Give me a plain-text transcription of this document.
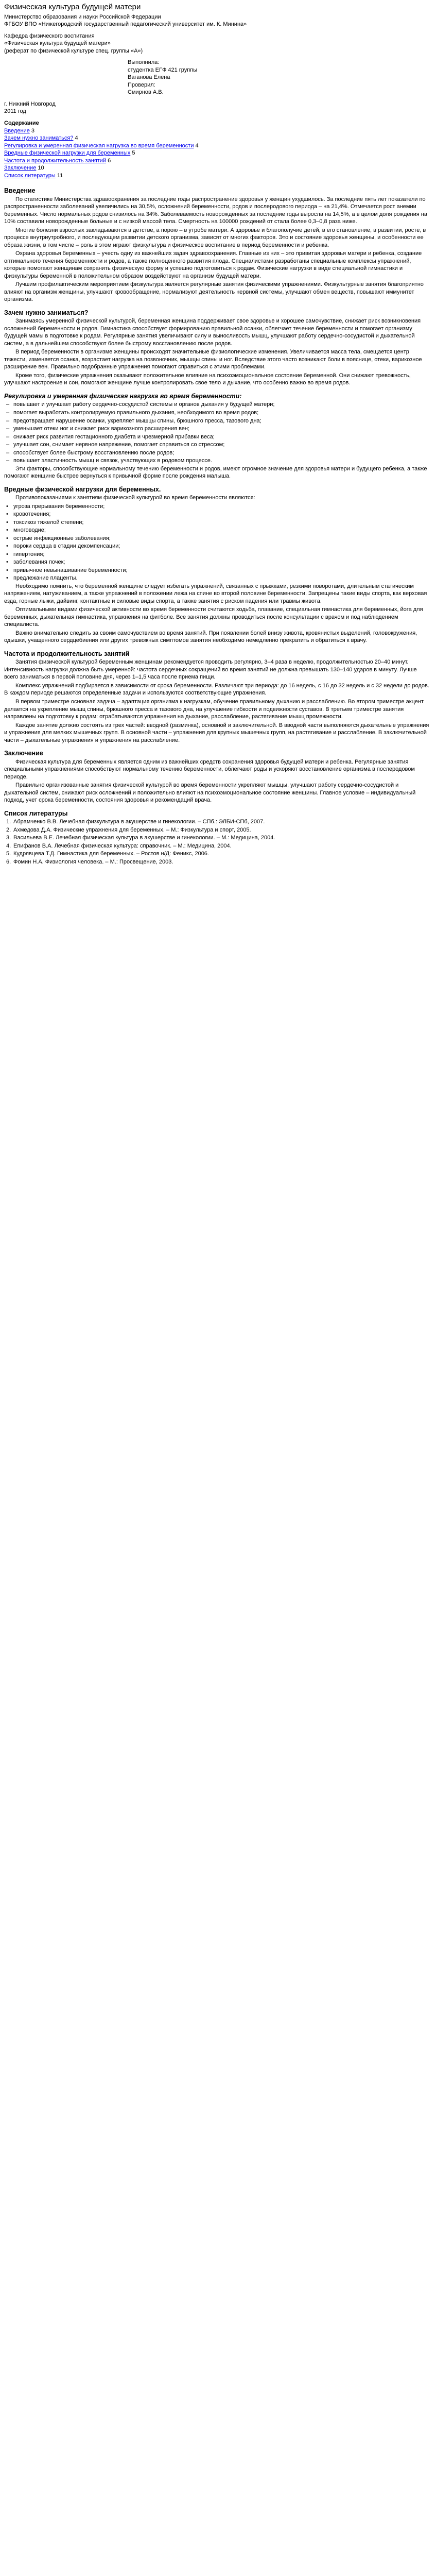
Физическая культура будущей матери

Министерство образования и науки Российской Федерации

ФГБОУ ВПО «Нижегородский государственный педагогический университет им. К. Минина»

Кафедра физического воспитания

«Физическая культура будущей матери»

(реферат по физической культуре спец. группы «А»)

Выполнила:

студентка ЕГФ 421 группы

Ваганова Елена

Проверил:

Смирнов А.В.

г. Нижний Новгород

2011 год

Содержание

Введение 3

Зачем нужно заниматься? 4

Регулировка и умеренная физическая нагрузка во время беременности 4

Вредные физической нагрузки для беременных 5

Частота и продолжительность занятий 6

Заключение 10

Список литературы 11

Введение

По статистике Министерства здравоохранения за последние годы распространение здоровья у женщин ухудшилось. За последние пять лет показатели по распространенности заболеваний увеличились на 30,5%, осложнений беременности, родов и послеродового периода – на 21,4%. Отмечается рост анемии беременных. Число нормальных родов снизилось на 34%. Заболеваемость новорожденных за последние годы выросла на 14,5%, а в целом доля рождения на 10% составили новорожденные больные и с низкой массой тела. Смертность на 100000 рождений от стала более 0,3–0,8 раза ниже.

Многие болезни взрослых закладываются в детстве, а порою – в утробе матери. А здоровье и благополучие детей, в его становление, в развитии, росте, в процессе внутриутробного, и последующем развитии детского организма, зависят от многих факторов. Это и состояние здоровья женщины, и особенности ее образа жизни, в том числе – роль в этом играют физкультура и физическое воспитание в период беременности и ребенка.

Охрана здоровья беременных – учесть одну из важнейших задач здравоохранения. Главные из них – это привитая здоровья матери и ребенка, создание оптимального течения беременности и родов, а также полноценного развития плода. Специалистами разработаны специальные комплексы упражнений, которые помогают женщинам сохранить физическую форму и успешно подготовиться к родам. Физические нагрузки в виде специальной гимнастики и физкультуры беременной в положительном образом воздействуют на организм будущей матери.

Лучшим профилактическим мероприятием физкультура является регулярные занятия физическими упражнениями. Физкультурные занятия благоприятно влияют на организм женщины, улучшают кровообращение, нормализуют деятельность нервной системы, улучшают обмен веществ, повышают иммунитет организма.

Зачем нужно заниматься?

Занимаясь умеренной физической культурой, беременная женщина поддерживает свое здоровье и хорошее самочувствие, снижает риск возникновения осложнений беременности и родов. Гимнастика способствует формированию правильной осанки, облегчает течение беременности и помогает организму будущей мамы в подготовке к родам. Регулярные занятия увеличивают силу и выносливость мышц, улучшают работу сердечно-сосудистой и дыхательной систем, а в дальнейшем способствуют более быстрому восстановлению после родов.

В период беременности в организме женщины происходят значительные физиологические изменения. Увеличивается масса тела, смещается центр тяжести, изменяется осанка, возрастает нагрузка на позвоночник, мышцы спины и ног. Вследствие этого часто возникают боли в пояснице, отеки, варикозное расширение вен. Правильно подобранные упражнения помогают справиться с этими проблемами.

Кроме того, физические упражнения оказывают положительное влияние на психоэмоциональное состояние беременной. Они снижают тревожность, улучшают настроение и сон, помогают женщине лучше контролировать свое тело и дыхание, что особенно важно во время родов.

Регулировка и умеренная физическая нагрузка во время беременности:

– повышает и улучшает работу сердечно-сосудистой системы и органов дыхания у будущей матери;

– помогает выработать контролируемую правильного дыхания, необходимого во время родов;

– предотвращает нарушение осанки, укрепляет мышцы спины, брюшного пресса, тазового дна;

– уменьшает отеки ног и снижает риск варикозного расширения вен;

– снижает риск развития гестационного диабета и чрезмерной прибавки веса;

– улучшает сон, снимает нервное напряжение, помогает справиться со стрессом;

– способствует более быстрому восстановлению после родов;

– повышает эластичность мышц и связок, участвующих в родовом процессе.

Эти факторы, способствующие нормальному течению беременности и родов, имеют огромное значение для здоровья матери и будущего ребенка, а также помогают женщине быстрее вернуться к привычной форме после рождения малыша.

Вредные физической нагрузки для беременных.

Противопоказаниями к занятиям физической культурой во время беременности являются:

• угроза прерывания беременности;

• кровотечения;

• токсикоз тяжелой степени;

• многоводие;

• острые инфекционные заболевания;

• пороки сердца в стадии декомпенсации;

• гипертония;

• заболевания почек;

• привычное невынашивание беременности;

• предлежание плаценты.

Необходимо помнить, что беременной женщине следует избегать упражнений, связанных с прыжками, резкими поворотами, длительным статическим напряжением, натуживанием, а также упражнений в положении лежа на спине во второй половине беременности. Запрещены такие виды спорта, как верховая езда, горные лыжи, дайвинг, контактные и силовые виды спорта, а также занятия с риском падения или травмы живота.

Оптимальными видами физической активности во время беременности считаются ходьба, плавание, специальная гимнастика для беременных, йога для беременных, дыхательная гимнастика, упражнения на фитболе. Все занятия должны проводиться после консультации с врачом и под наблюдением специалиста.

Важно внимательно следить за своим самочувствием во время занятий. При появлении болей внизу живота, кровянистых выделений, головокружения, одышки, учащенного сердцебиения или других тревожных симптомов занятия необходимо немедленно прекратить и обратиться к врачу.

Частота и продолжительность занятий

Занятия физической культурой беременным женщинам рекомендуется проводить регулярно, 3–4 раза в неделю, продолжительностью 20–40 минут. Интенсивность нагрузки должна быть умеренной: частота сердечных сокращений во время занятий не должна превышать 130–140 ударов в минуту. Лучше всего заниматься в первой половине дня, через 1–1,5 часа после приема пищи.

Комплекс упражнений подбирается в зависимости от срока беременности. Различают три периода: до 16 недель, с 16 до 32 недель и с 32 недели до родов. В каждом периоде решаются определенные задачи и используются соответствующие упражнения.

В первом триместре основная задача – адаптация организма к нагрузкам, обучение правильному дыханию и расслаблению. Во втором триместре акцент делается на укрепление мышц спины, брюшного пресса и тазового дна, на улучшение гибкости и подвижности суставов. В третьем триместре занятия направлены на подготовку к родам: отрабатываются упражнения на дыхание, расслабление, растягивание мышц промежности.

Каждое занятие должно состоять из трех частей: вводной (разминка), основной и заключительной. В вводной части выполняются дыхательные упражнения и упражнения для мелких мышечных групп. В основной части – упражнения для крупных мышечных групп, на растягивание и расслабление. В заключительной части – дыхательные упражнения и упражнения на расслабление.

Заключение

Физическая культура для беременных является одним из важнейших средств сохранения здоровья будущей матери и ребенка. Регулярные занятия специальными упражнениями способствуют нормальному течению беременности, облегчают роды и ускоряют восстановление организма в послеродовом периоде.

Правильно организованные занятия физической культурой во время беременности укрепляют мышцы, улучшают работу сердечно-сосудистой и дыхательной систем, снижают риск осложнений и положительно влияют на психоэмоциональное состояние женщины. Главное условие – индивидуальный подход, учет срока беременности, состояния здоровья и рекомендаций врача.

Список литературы

1. Абрамченко В.В. Лечебная физкультура в акушерстве и гинекологии. – СПб.: ЭЛБИ-СПб, 2007.

2. Ахмедова Д.А. Физические упражнения для беременных. – М.: Физкультура и спорт, 2005.

3. Васильева В.Е. Лечебная физическая культура в акушерстве и гинекологии. – М.: Медицина, 2004.

4. Епифанов В.А. Лечебная физическая культура: справочник. – М.: Медицина, 2004.

5. Кудрявцева Т.Д. Гимнастика для беременных. – Ростов н/Д: Феникс, 2006.

6. Фомин Н.А. Физиология человека. – М.: Просвещение, 2003.
